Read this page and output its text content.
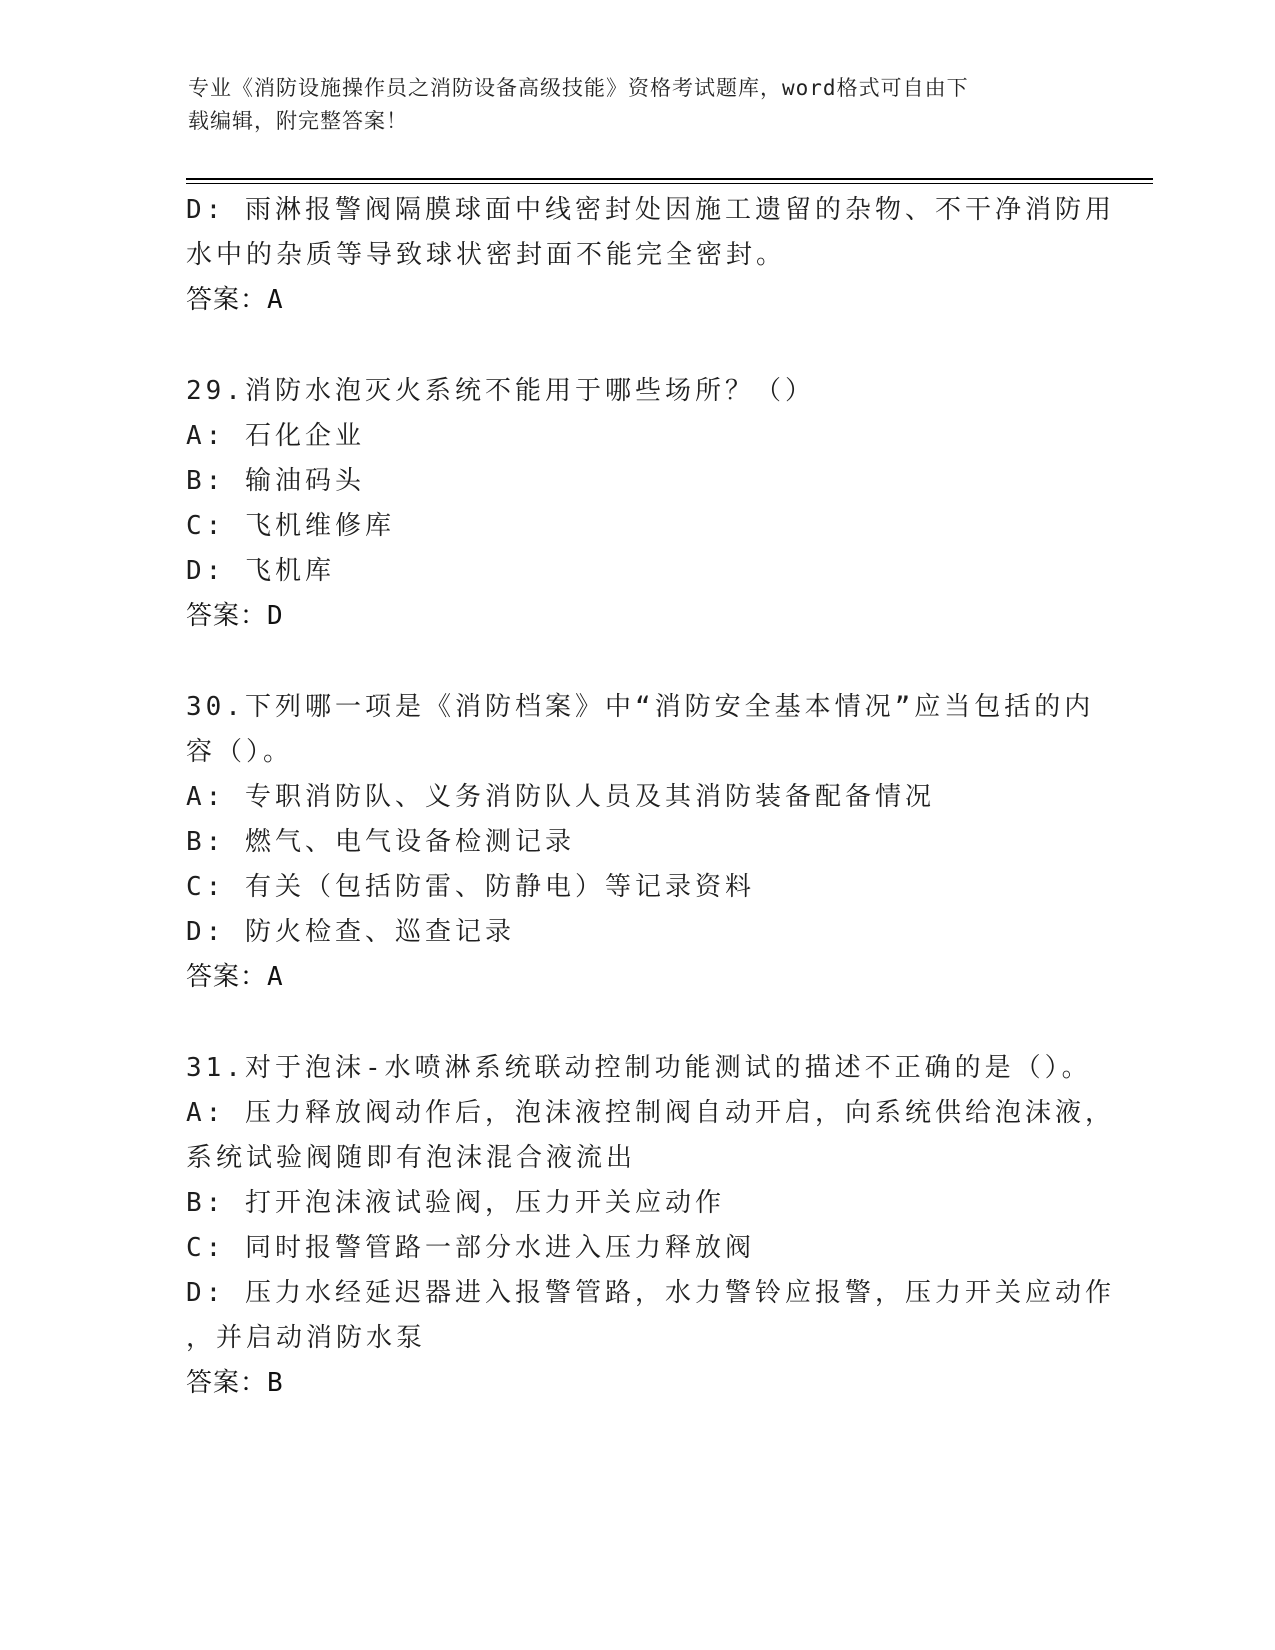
专业《消防设施操作员之消防设备高级技能》资格考试题库，word格式可自由下
载编辑，附完整答案！
D: 雨淋报警阀隔膜球面中线密封处因施工遗留的杂物、不干净消防用
水中的杂质等导致球状密封面不能完全密封。
答案：A
29.消防水泡灭火系统不能用于哪些场所？（）
A: 石化企业
B: 输油码头
C: 飞机维修库
D: 飞机库
答案：D
30.下列哪一项是《消防档案》中“消防安全基本情况”应当包括的内
容（）。
A: 专职消防队、义务消防队人员及其消防装备配备情况
B: 燃气、电气设备检测记录
C: 有关（包括防雷、防静电）等记录资料
D: 防火检查、巡查记录
答案：A
31.对于泡沫-水喷淋系统联动控制功能测试的描述不正确的是（）。
A: 压力释放阀动作后，泡沫液控制阀自动开启，向系统供给泡沫液，
系统试验阀随即有泡沫混合液流出
B: 打开泡沫液试验阀，压力开关应动作
C: 同时报警管路一部分水进入压力释放阀
D: 压力水经延迟器进入报警管路，水力警铃应报警，压力开关应动作
，并启动消防水泵
答案：B
